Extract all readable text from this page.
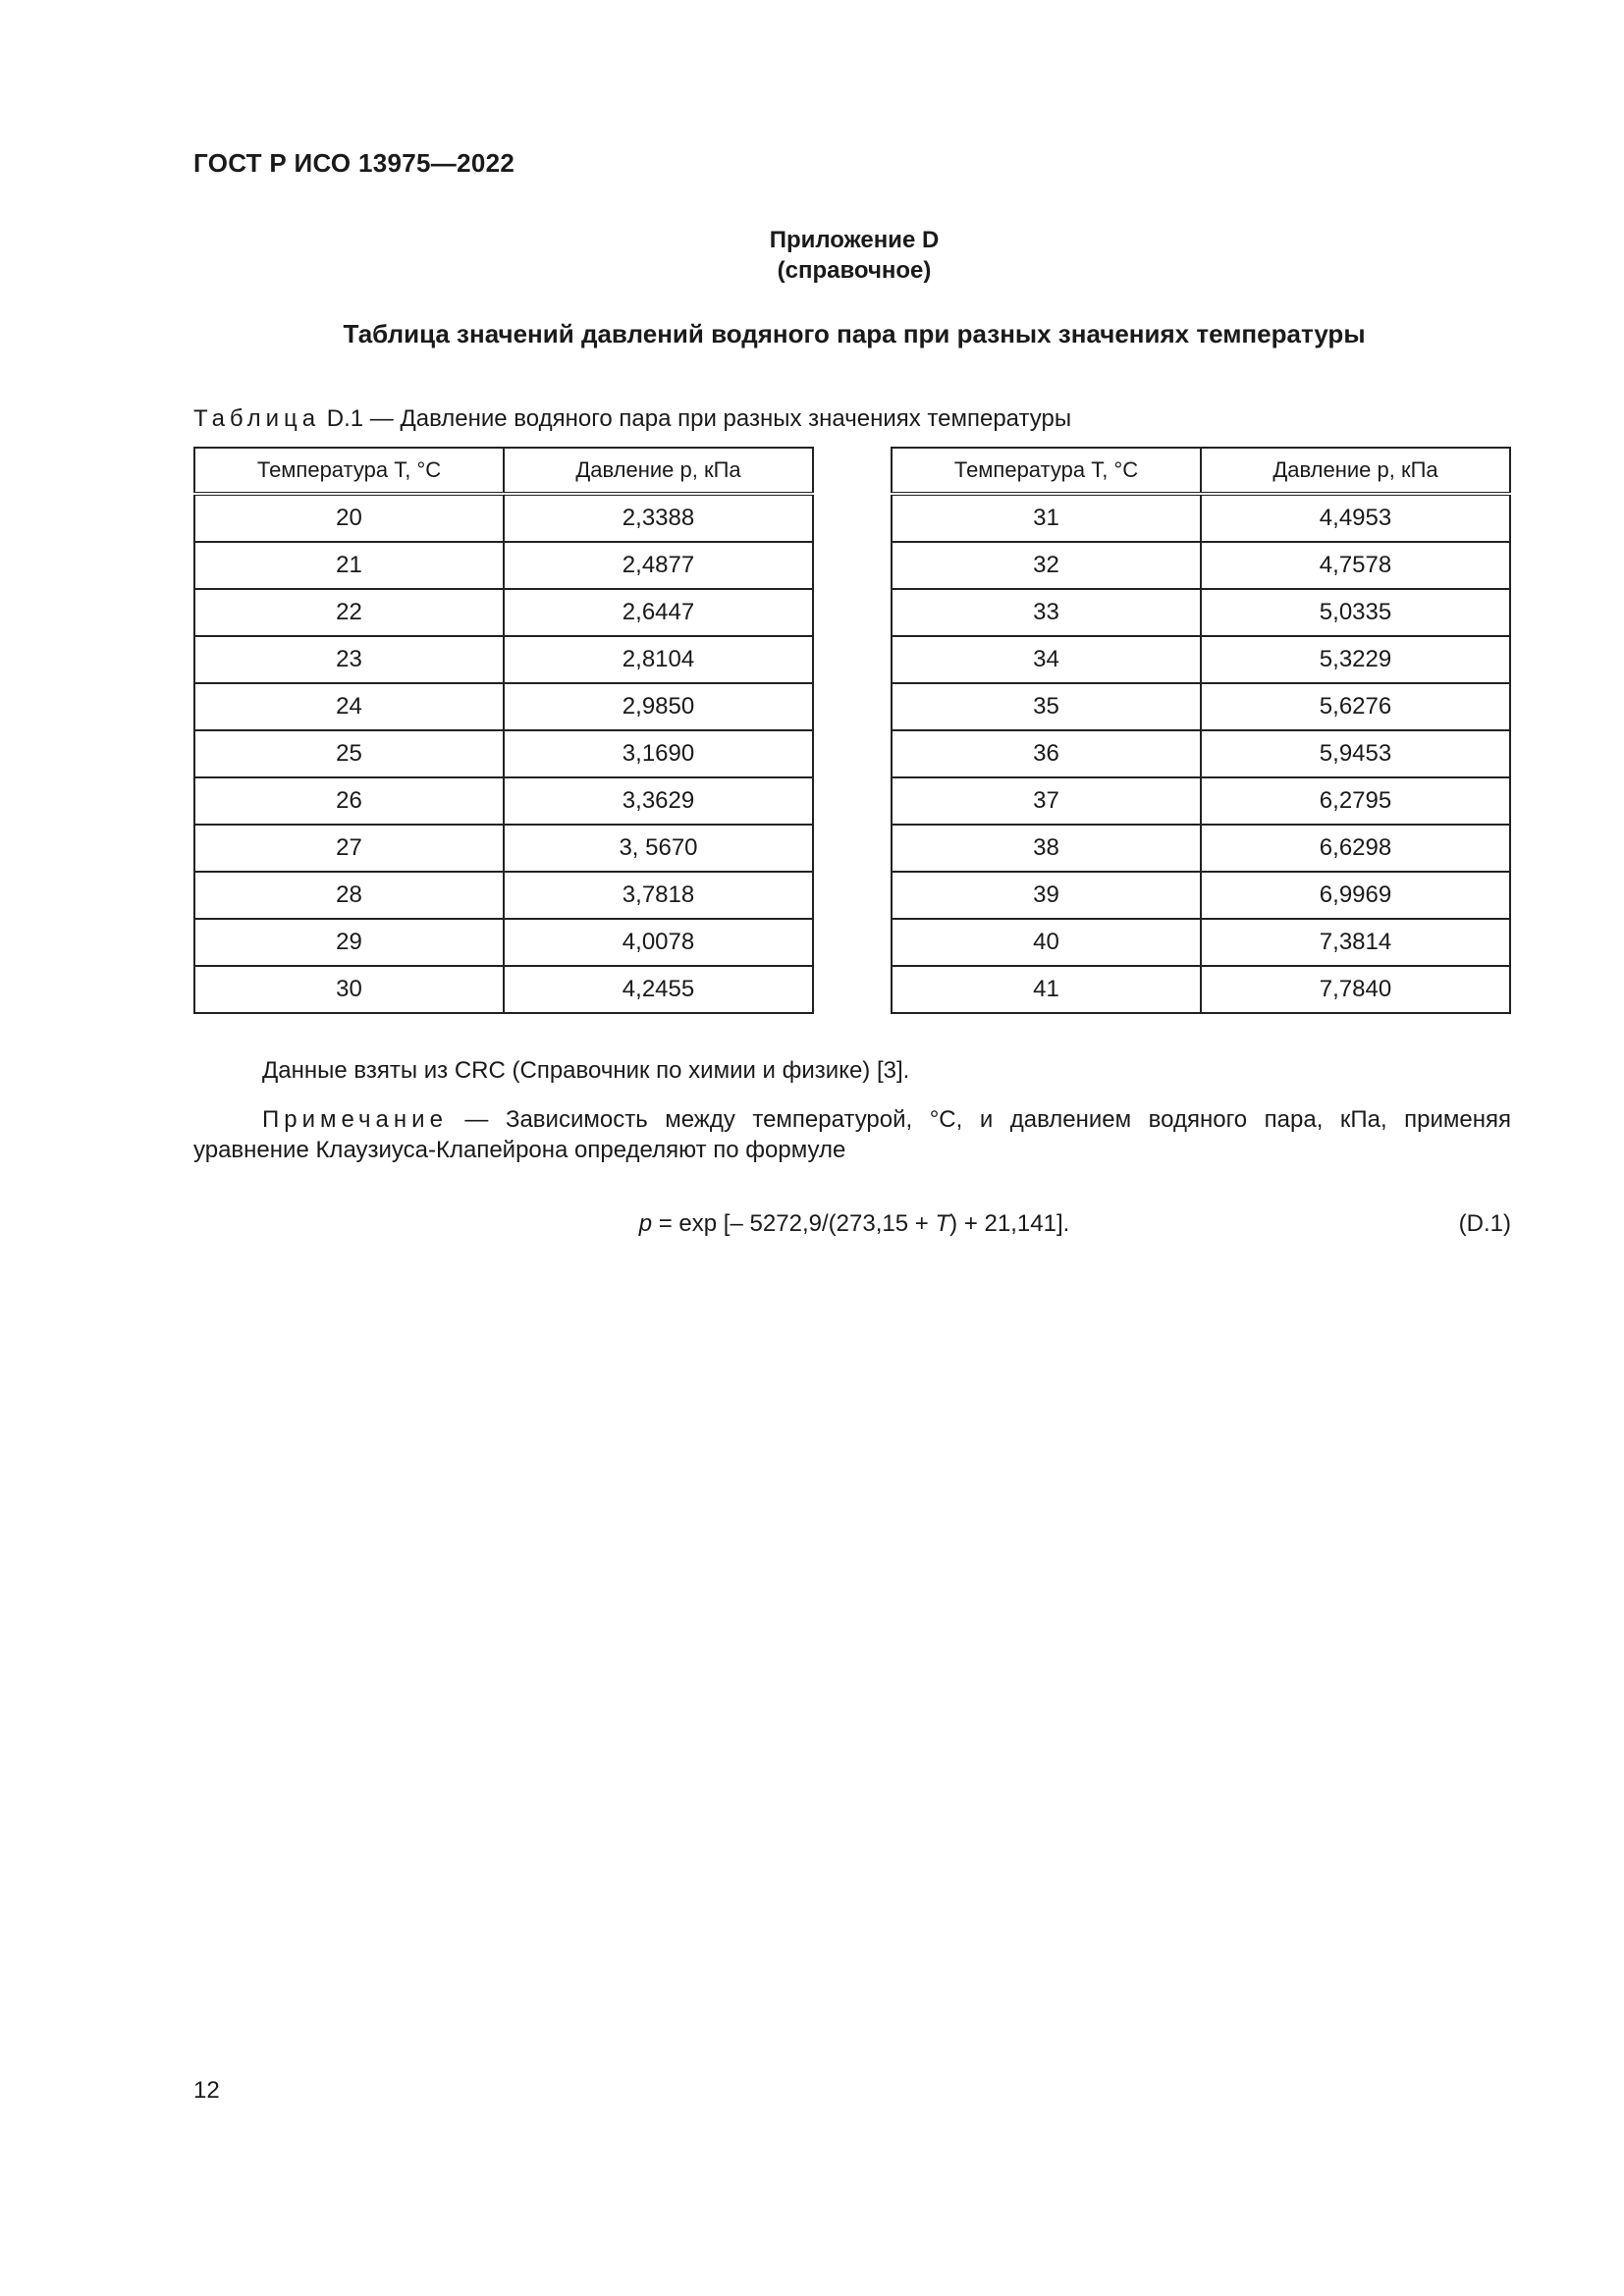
ГОСТ Р ИСО 13975—2022
Приложение D
(справочное)
Таблица значений давлений водяного пара при разных значениях температуры
Таблица D.1 — Давление водяного пара при разных значениях температуры
Температура T, °C	Давление p, кПа
20	2,3388
21	2,4877
22	2,6447
23	2,8104
24	2,9850
25	3,1690
26	3,3629
27	3, 5670
28	3,7818
29	4,0078
30	4,2455
Температура T, °C	Давление p, кПа
31	4,4953
32	4,7578
33	5,0335
34	5,3229
35	5,6276
36	5,9453
37	6,2795
38	6,6298
39	6,9969
40	7,3814
41	7,7840
Данные взяты из CRC (Справочник по химии и физике) [3].
Примечание — Зависимость между температурой, °С, и давлением водяного пара, кПа, применяя уравнение Клаузиуса-Клапейрона определяют по формуле
p = exp [– 5272,9/(273,15 + T) + 21,141].	(D.1)
12
